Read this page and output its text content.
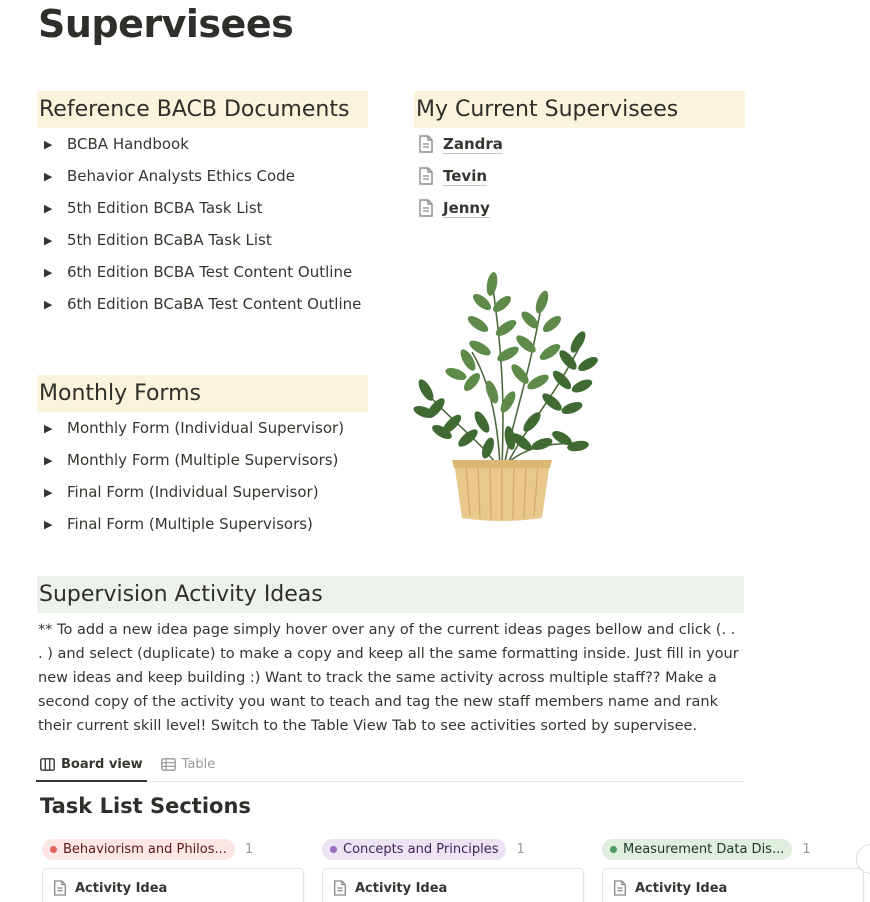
Supervisees
Reference BACB Documents
▶ BCBA Handbook
▶ Behavior Analysts Ethics Code
▶ 5th Edition BCBA Task List
▶ 5th Edition BCaBA Task List
▶ 6th Edition BCBA Test Content Outline
▶ 6th Edition BCaBA Test Content Outline
My Current Supervisees
Zandra
Tevin
Jenny
Monthly Forms
▶ Monthly Form (Individual Supervisor)
▶ Monthly Form (Multiple Supervisors)
▶ Final Form (Individual Supervisor)
▶ Final Form (Multiple Supervisors)
Supervision Activity Ideas

** To add a new idea page simply hover over any of the current ideas pages bellow and click (. . . ) and select (duplicate) to make a copy and keep all the same formatting inside. Just fill in your new ideas and keep building :) Want to track the same activity across multiple staff?? Make a second copy of the activity you want to teach and tag the new staff members name and rank their current skill level! Switch to the Table View Tab to see activities sorted by supervisee.

Board view	Table
Task List Sections
Behaviorism and Philos... 1
Activity Idea
Concepts and Principles 1
Activity Idea
Measurement Data Dis... 1
Activity Idea
